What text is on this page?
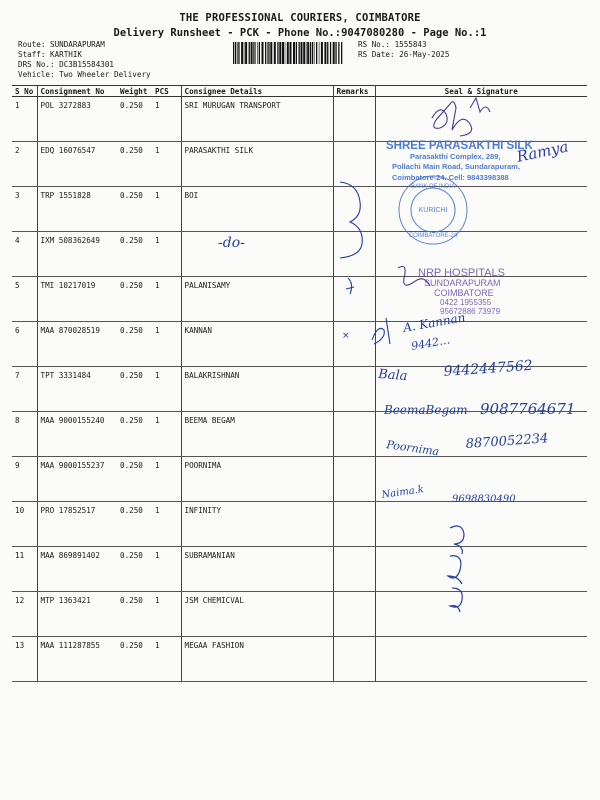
THE PROFESSIONAL COURIERS, COIMBATORE
Delivery Runsheet - PCK - Phone No.:9047080280 - Page No.:1
Route: SUNDARAPURAM
Staff: KARTHIK
DRS No.: DC3B15584301
Vehicle: Two Wheeler Delivery
RS No.: 1555843
RS Date: 26-May-2025
S No	Consignment No	Weight	PCS	Consignee Details	Remarks	Seal & Signature
1	POL 3272883	0.250	1	SRI MURUGAN TRANSPORT		
2	EDQ 16076547	0.250	1	PARASAKTHI SILK		
3	TRP 1551828	0.250	1	BOI		
4	IXM 508362649	0.250	1			
5	TMI 10217019	0.250	1	PALANISAMY		
6	MAA 870028519	0.250	1	KANNAN		
7	TPT 3331484	0.250	1	BALAKRISHNAN		
8	MAA 9000155240	0.250	1	BEEMA BEGAM		
9	MAA 9000155237	0.250	1	POORNIMA		
10	PRO 17852517	0.250	1	INFINITY		
11	MAA 869891402	0.250	1	SUBRAMANIAN		
12	MTP 1363421	0.250	1	JSM CHEMICVAL		
13	MAA 111287855	0.250	1	MEGAA FASHION		
SHREE PARASAKTHI SILK
Parasakthi Complex, 289,
Pollachi Main Road, Sundarapuram,
Coimbatore-24. Cell: 9843398388
Ramya
BANK OF INDIA
KURICHI
COIMBATORE-24
-do-
NRP HOSPITALS
SUNDARAPURAM
COIMBATORE
0422 1955355
95672886 73979
×
A. Kannan
9442…
Bala	9442447562
BeemaBegam 9087764671
Poornima 8870052234
Naima.k	9698830490
